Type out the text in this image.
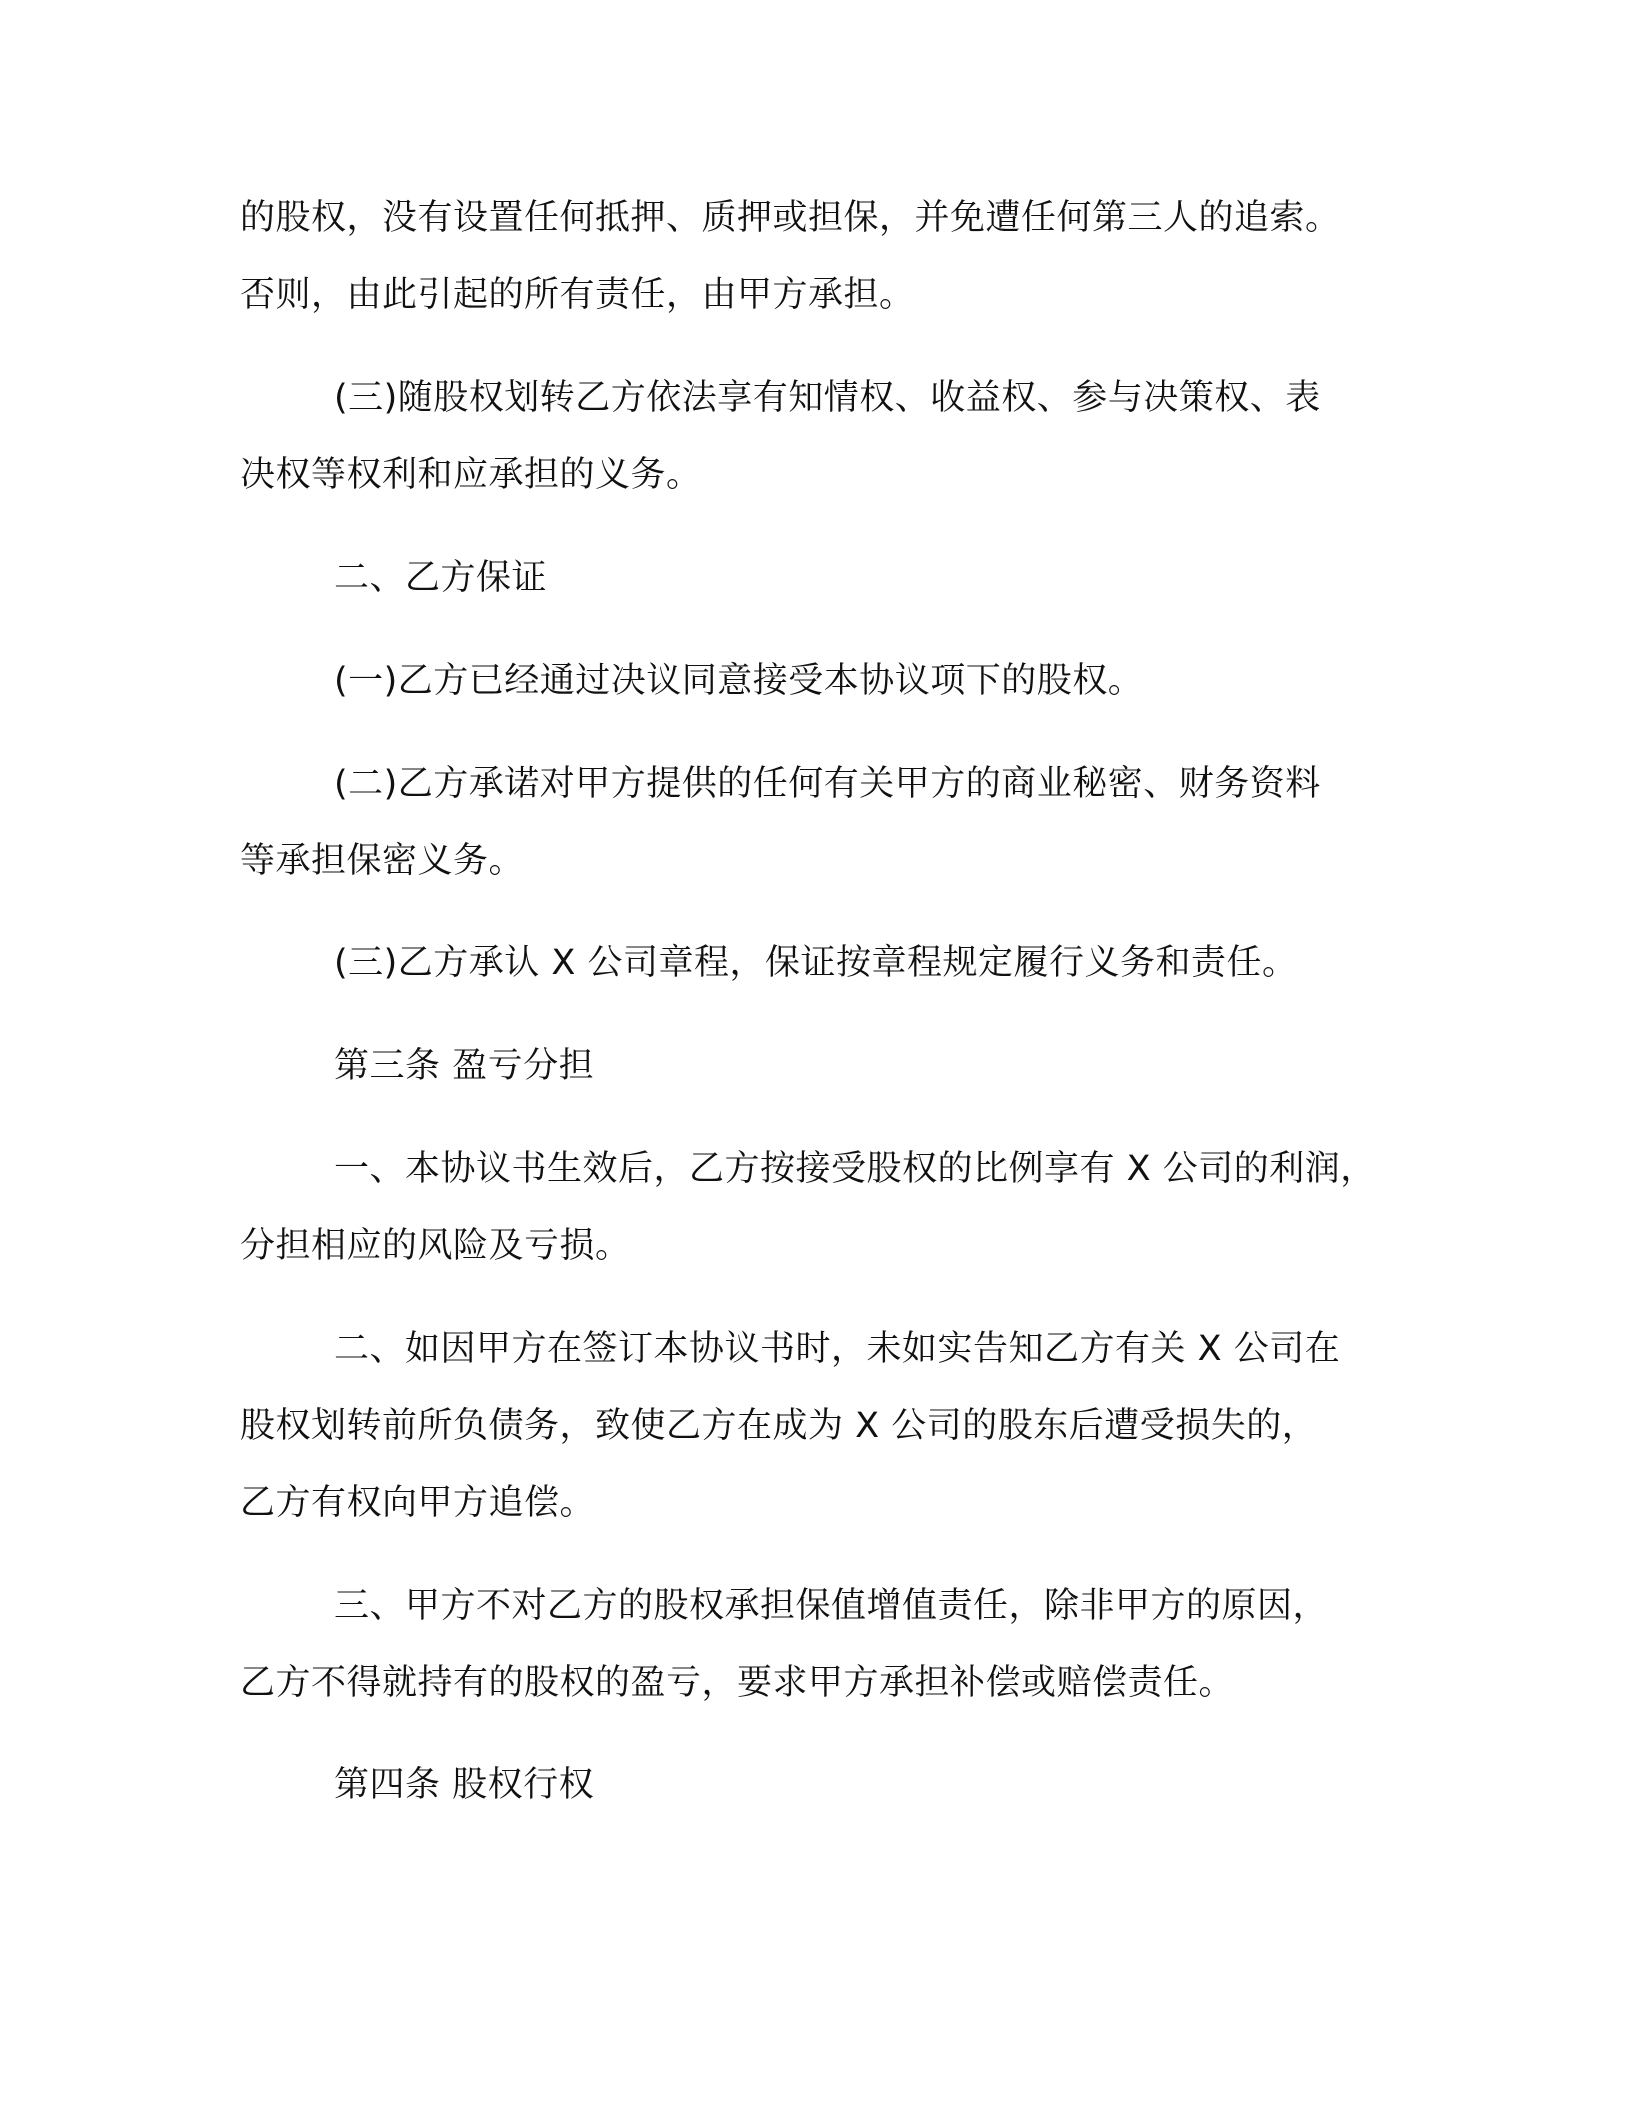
的股权，没有设置任何抵押、质押或担保，并免遭任何第三人的追索。
否则，由此引起的所有责任，由甲方承担。
(三)随股权划转乙方依法享有知情权、收益权、参与决策权、表
决权等权利和应承担的义务。
二、乙方保证
(一)乙方已经通过决议同意接受本协议项下的股权。
(二)乙方承诺对甲方提供的任何有关甲方的商业秘密、财务资料
等承担保密义务。
(三)乙方承认 X 公司章程，保证按章程规定履行义务和责任。
第三条 盈亏分担
一、本协议书生效后，乙方按接受股权的比例享有 X 公司的利润，
分担相应的风险及亏损。
二、如因甲方在签订本协议书时，未如实告知乙方有关 X 公司在
股权划转前所负债务，致使乙方在成为 X 公司的股东后遭受损失的，
乙方有权向甲方追偿。
三、甲方不对乙方的股权承担保值增值责任，除非甲方的原因，
乙方不得就持有的股权的盈亏，要求甲方承担补偿或赔偿责任。
第四条 股权行权
